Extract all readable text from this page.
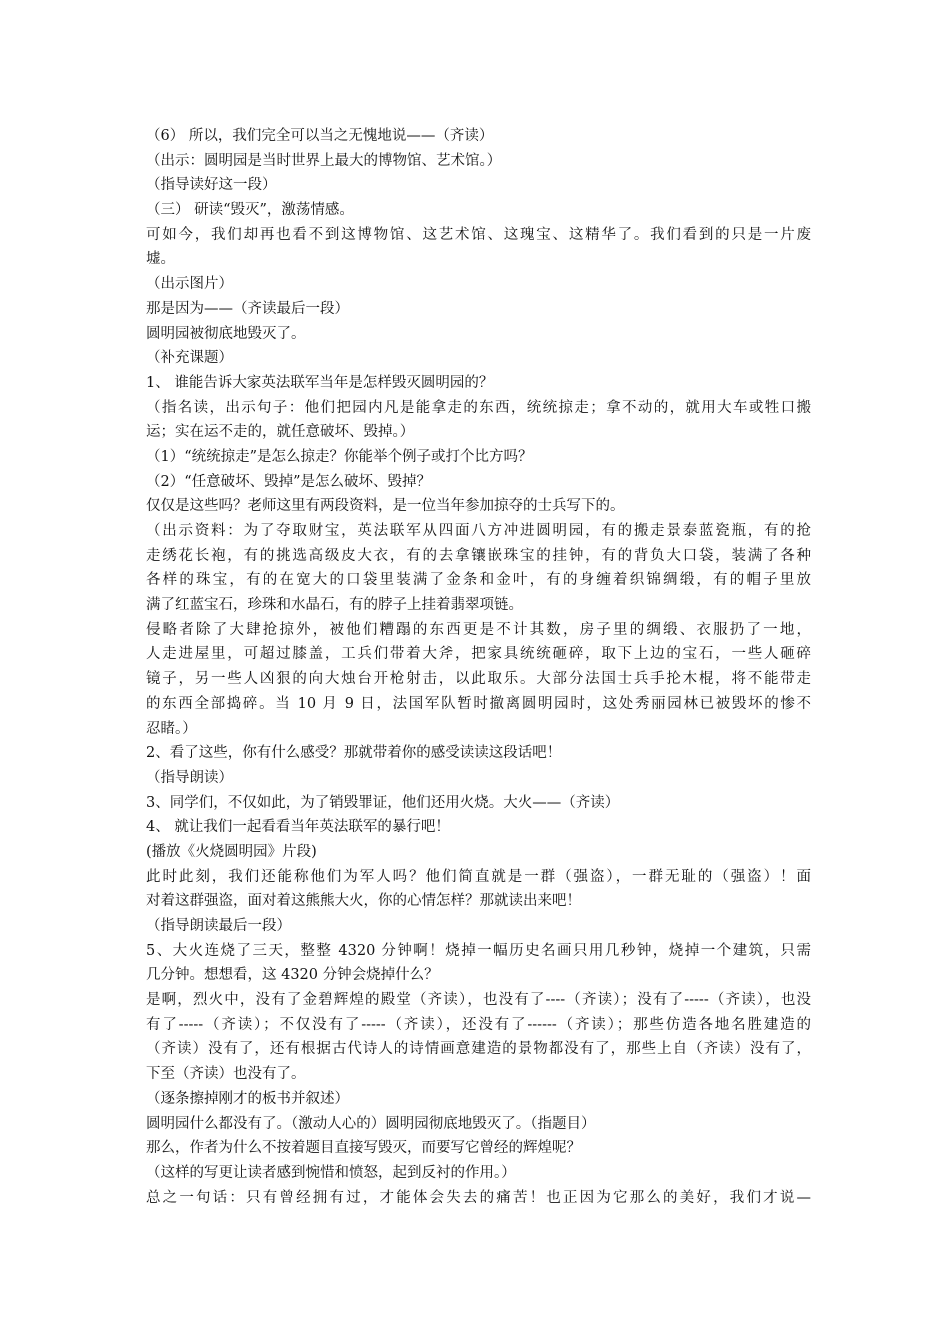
（6） 所以，我们完全可以当之无愧地说——（齐读）
（出示：圆明园是当时世界上最大的博物馆、艺术馆。）
（指导读好这一段）
（三） 研读“毁灭”，激荡情感。
可如今，我们却再也看不到这博物馆、这艺术馆、这瑰宝、这精华了。我们看到的只是一片废
墟。
（出示图片）
那是因为——（齐读最后一段）
圆明园被彻底地毁灭了。
（补充课题）
1、 谁能告诉大家英法联军当年是怎样毁灭圆明园的？
（指名读，出示句子：他们把园内凡是能拿走的东西，统统掠走；拿不动的，就用大车或牲口搬
运；实在运不走的，就任意破坏、毁掉。）
（1）“统统掠走”是怎么掠走？你能举个例子或打个比方吗？
（2）“任意破坏、毁掉”是怎么破坏、毁掉？
仅仅是这些吗？老师这里有两段资料，是一位当年参加掠夺的士兵写下的。
（出示资料：为了夺取财宝，英法联军从四面八方冲进圆明园，有的搬走景泰蓝瓷瓶，有的抢
走绣花长袍，有的挑选高级皮大衣，有的去拿镶嵌珠宝的挂钟，有的背负大口袋，装满了各种
各样的珠宝，有的在宽大的口袋里装满了金条和金叶，有的身缠着织锦绸缎，有的帽子里放
满了红蓝宝石，珍珠和水晶石，有的脖子上挂着翡翠项链。
侵略者除了大肆抢掠外，被他们糟蹋的东西更是不计其数，房子里的绸缎、衣服扔了一地，
人走进屋里，可超过膝盖，工兵们带着大斧，把家具统统砸碎，取下上边的宝石，一些人砸碎
镜子，另一些人凶狠的向大烛台开枪射击，以此取乐。大部分法国士兵手抡木棍，将不能带走
的东西全部捣碎。当 10 月 9 日，法国军队暂时撤离圆明园时，这处秀丽园林已被毁坏的惨不
忍睹。）
2、看了这些，你有什么感受？那就带着你的感受读读这段话吧！
（指导朗读）
3、同学们，不仅如此，为了销毁罪证，他们还用火烧。大火——（齐读）
4、 就让我们一起看看当年英法联军的暴行吧！
(播放《火烧圆明园》片段)
此时此刻，我们还能称他们为军人吗？他们简直就是一群（强盗），一群无耻的（强盗）！面
对着这群强盗，面对着这熊熊大火，你的心情怎样？那就读出来吧！
（指导朗读最后一段）
5、大火连烧了三天，整整 4320 分钟啊！烧掉一幅历史名画只用几秒钟，烧掉一个建筑，只需
几分钟。想想看，这 4320 分钟会烧掉什么？
是啊，烈火中，没有了金碧辉煌的殿堂（齐读），也没有了----（齐读）；没有了-----（齐读），也没
有了-----（齐读）；不仅没有了-----（齐读），还没有了------（齐读）；那些仿造各地名胜建造的
（齐读）没有了，还有根据古代诗人的诗情画意建造的景物都没有了，那些上自（齐读）没有了，
下至（齐读）也没有了。
（逐条擦掉刚才的板书并叙述）
圆明园什么都没有了。（激动人心的）圆明园彻底地毁灭了。（指题目）
那么，作者为什么不按着题目直接写毁灭，而要写它曾经的辉煌呢？
（这样的写更让读者感到惋惜和愤怒，起到反衬的作用。）
总之一句话：只有曾经拥有过，才能体会失去的痛苦！也正因为它那么的美好，我们才说—
